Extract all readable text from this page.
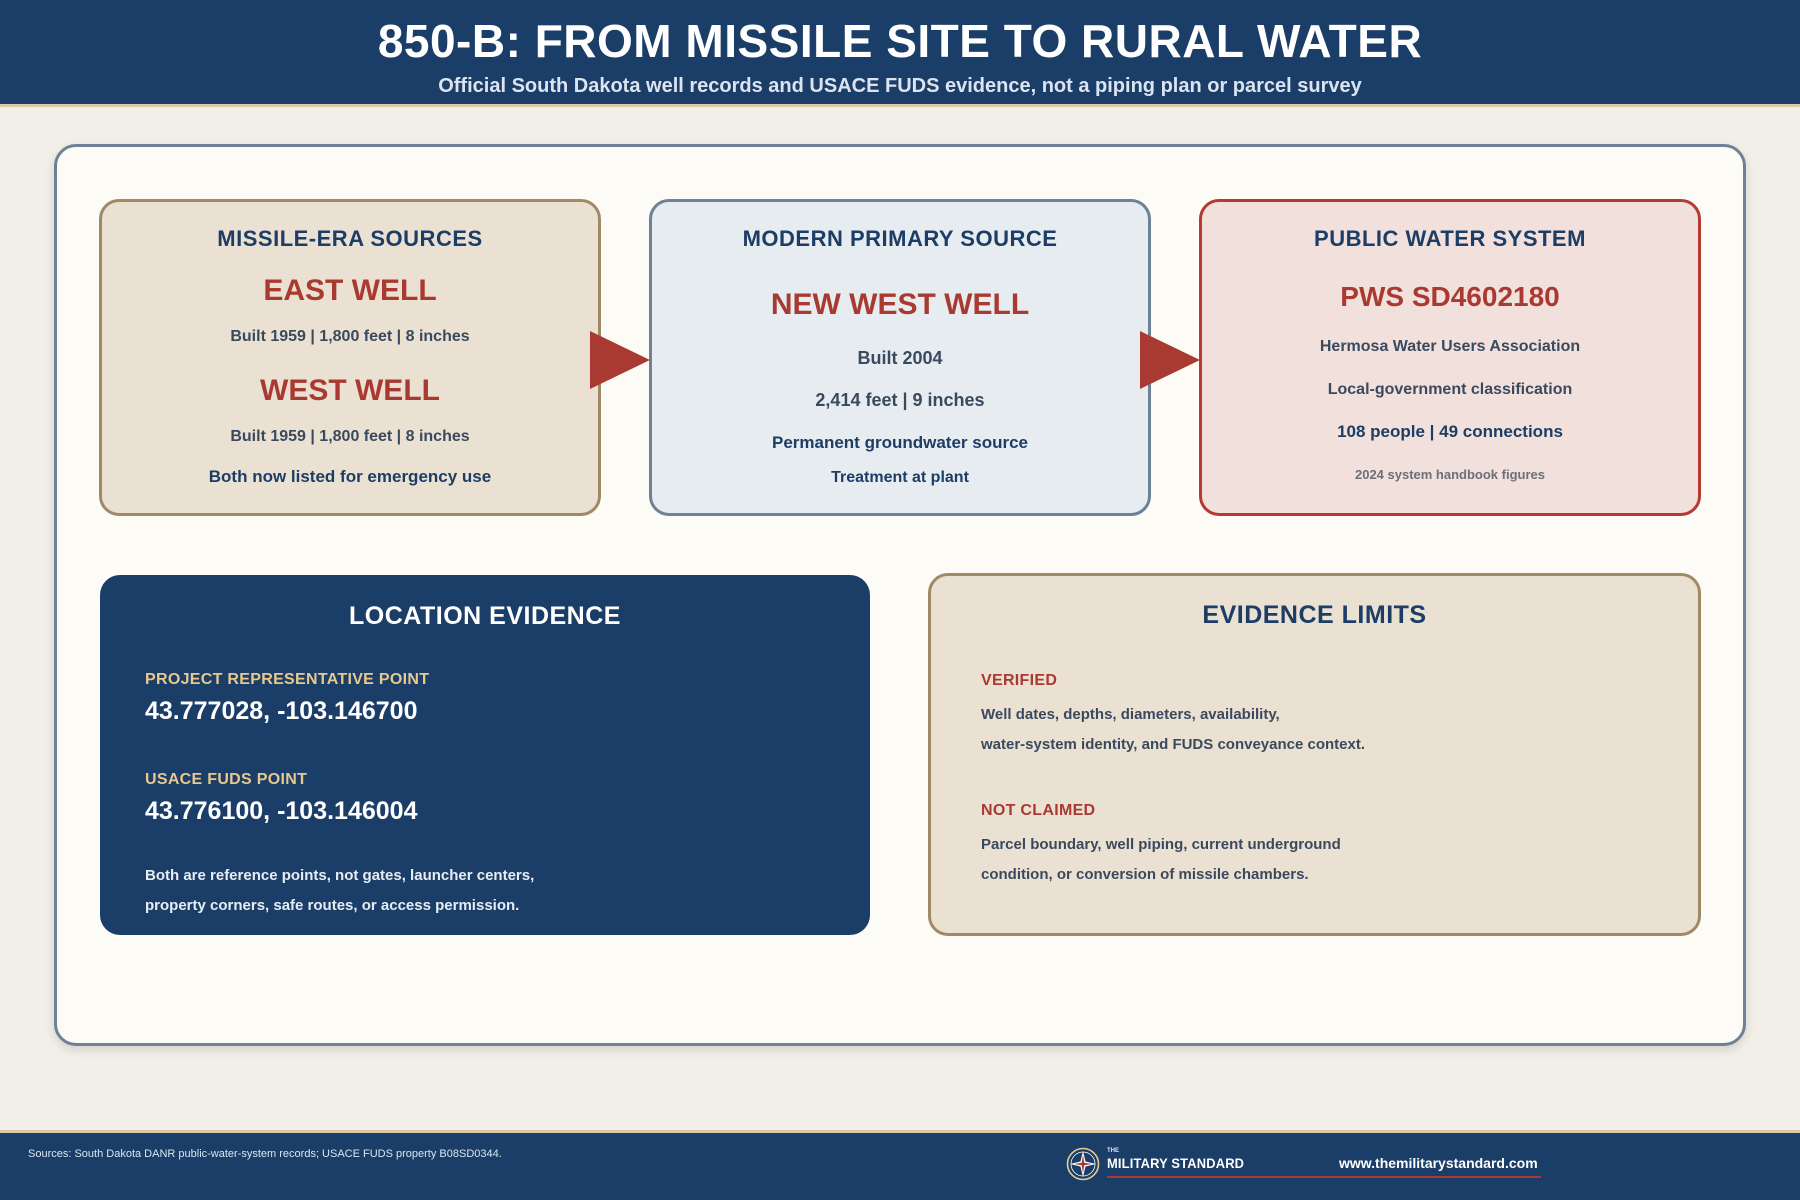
850-B: FROM MISSILE SITE TO RURAL WATER
Official South Dakota well records and USACE FUDS evidence, not a piping plan or parcel survey
MISSILE-ERA SOURCES
EAST WELL
Built 1959 | 1,800 feet | 8 inches
WEST WELL
Built 1959 | 1,800 feet | 8 inches
Both now listed for emergency use
MODERN PRIMARY SOURCE
NEW WEST WELL
Built 2004
2,414 feet | 9 inches
Permanent groundwater source
Treatment at plant
PUBLIC WATER SYSTEM
PWS SD4602180
Hermosa Water Users Association
Local-government classification
108 people | 49 connections
2024 system handbook figures
LOCATION EVIDENCE
PROJECT REPRESENTATIVE POINT
43.777028, -103.146700
USACE FUDS POINT
43.776100, -103.146004
Both are reference points, not gates, launcher centers,
property corners, safe routes, or access permission.
EVIDENCE LIMITS
VERIFIED
Well dates, depths, diameters, availability,
water-system identity, and FUDS conveyance context.
NOT CLAIMED
Parcel boundary, well piping, current underground
condition, or conversion of missile chambers.
Sources: South Dakota DANR public-water-system records; USACE FUDS property B08SD0344.	THE
MILITARY STANDARD	www.themilitarystandard.com
